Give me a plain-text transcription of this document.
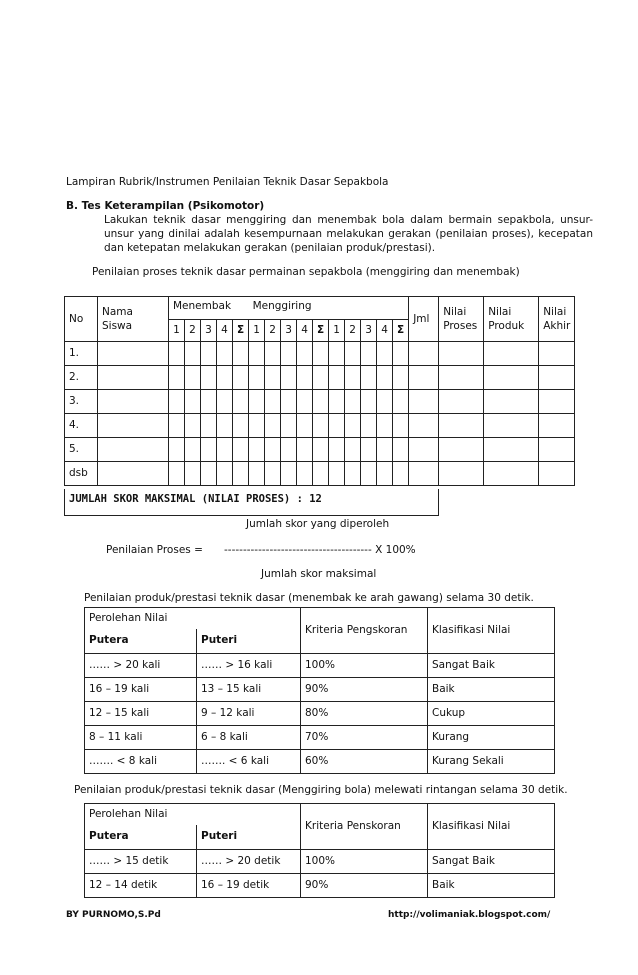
Lampiran Rubrik/Instrumen Penilaian Teknik Dasar Sepakbola
B. Tes Keterampilan (Psikomotor)
Lakukan teknik dasar menggiring dan menembak bola dalam bermain sepakbola, unsur-unsur yang dinilai adalah kesempurnaan melakukan gerakan (penilaian proses), kecepatan dan ketepatan melakukan gerakan (penilaian produk/prestasi).
Penilaian proses teknik dasar permainan sepakbola (menggiring dan menembak)
No	Nama Siswa	Menembak					Menggiring										Jml	Nilai Proses	Nilai Produk	Nilai Akhir
		1	2	3	4	Σ	1	2	3	4	Σ	1	2	3	4	Σ				
1.																				
2.																				
3.																				
4.																				
5.																				
dsb																				
JUMLAH SKOR MAKSIMAL (NILAI PROSES) : 12
Jumlah skor yang diperoleh
Penilaian Proses = --------------------------------------- X 100%
Jumlah skor maksimal
Penilaian produk/prestasi teknik dasar (menembak ke arah gawang) selama 30 detik.
Perolehan Nilai		Kriteria Pengskoran	Klasifikasi Nilai
Putera	Puteri		
…… > 20 kali	…… > 16 kali	100%	Sangat Baik
16 – 19 kali	13 – 15 kali	90%	Baik
12 – 15 kali	9 – 12 kali	80%	Cukup
8 – 11 kali	6 – 8 kali	70%	Kurang
……. < 8 kali	……. < 6 kali	60%	Kurang Sekali
Penilaian produk/prestasi teknik dasar (Menggiring bola) melewati rintangan selama 30 detik.
Perolehan Nilai		Kriteria Penskoran	Klasifikasi Nilai
Putera	Puteri		
…… > 15 detik	…… > 20 detik	100%	Sangat Baik
12 – 14 detik	16 – 19 detik	90%	Baik
BY PURNOMO,S.Pd	http://volimaniak.blogspot.com/
